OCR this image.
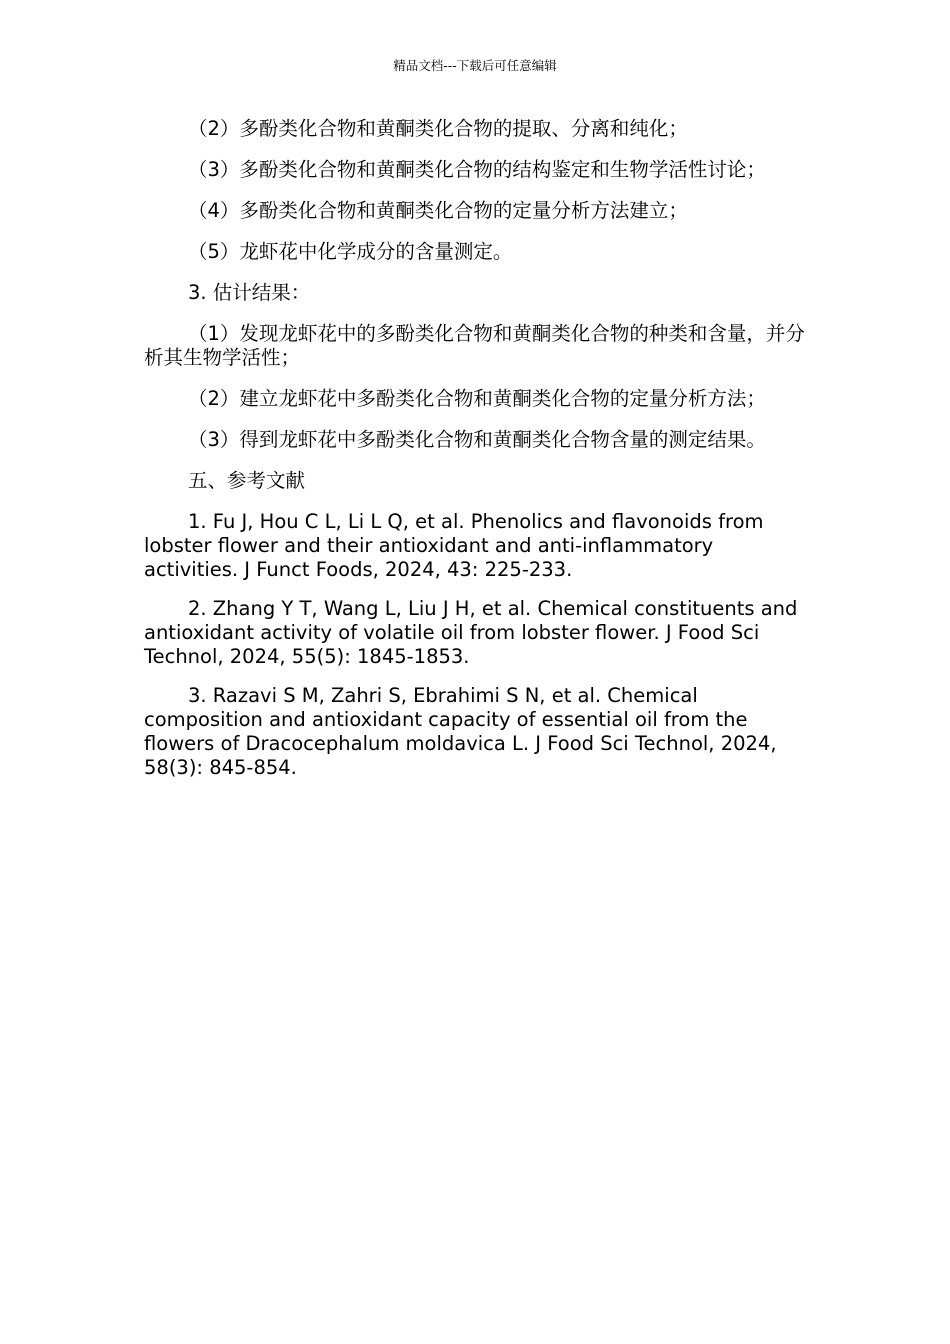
精品文档---下载后可任意编辑

（2）多酚类化合物和黄酮类化合物的提取、分离和纯化；

（3）多酚类化合物和黄酮类化合物的结构鉴定和生物学活性讨论；

（4）多酚类化合物和黄酮类化合物的定量分析方法建立；

（5）龙虾花中化学成分的含量测定。

3. 估计结果：

（1）发现龙虾花中的多酚类化合物和黄酮类化合物的种类和含量，并分析其生物学活性；

（2）建立龙虾花中多酚类化合物和黄酮类化合物的定量分析方法；

（3）得到龙虾花中多酚类化合物和黄酮类化合物含量的测定结果。

五、参考文献

1. Fu J, Hou C L, Li L Q, et al. Phenolics and flavonoids from lobster flower and their antioxidant and anti-inflammatory activities. J Funct Foods, 2024, 43: 225-233.

2. Zhang Y T, Wang L, Liu J H, et al. Chemical constituents and antioxidant activity of volatile oil from lobster flower. J Food Sci Technol, 2024, 55(5): 1845-1853.

3. Razavi S M, Zahri S, Ebrahimi S N, et al. Chemical composition and antioxidant capacity of essential oil from the flowers of Dracocephalum moldavica L. J Food Sci Technol, 2024, 58(3): 845-854.
